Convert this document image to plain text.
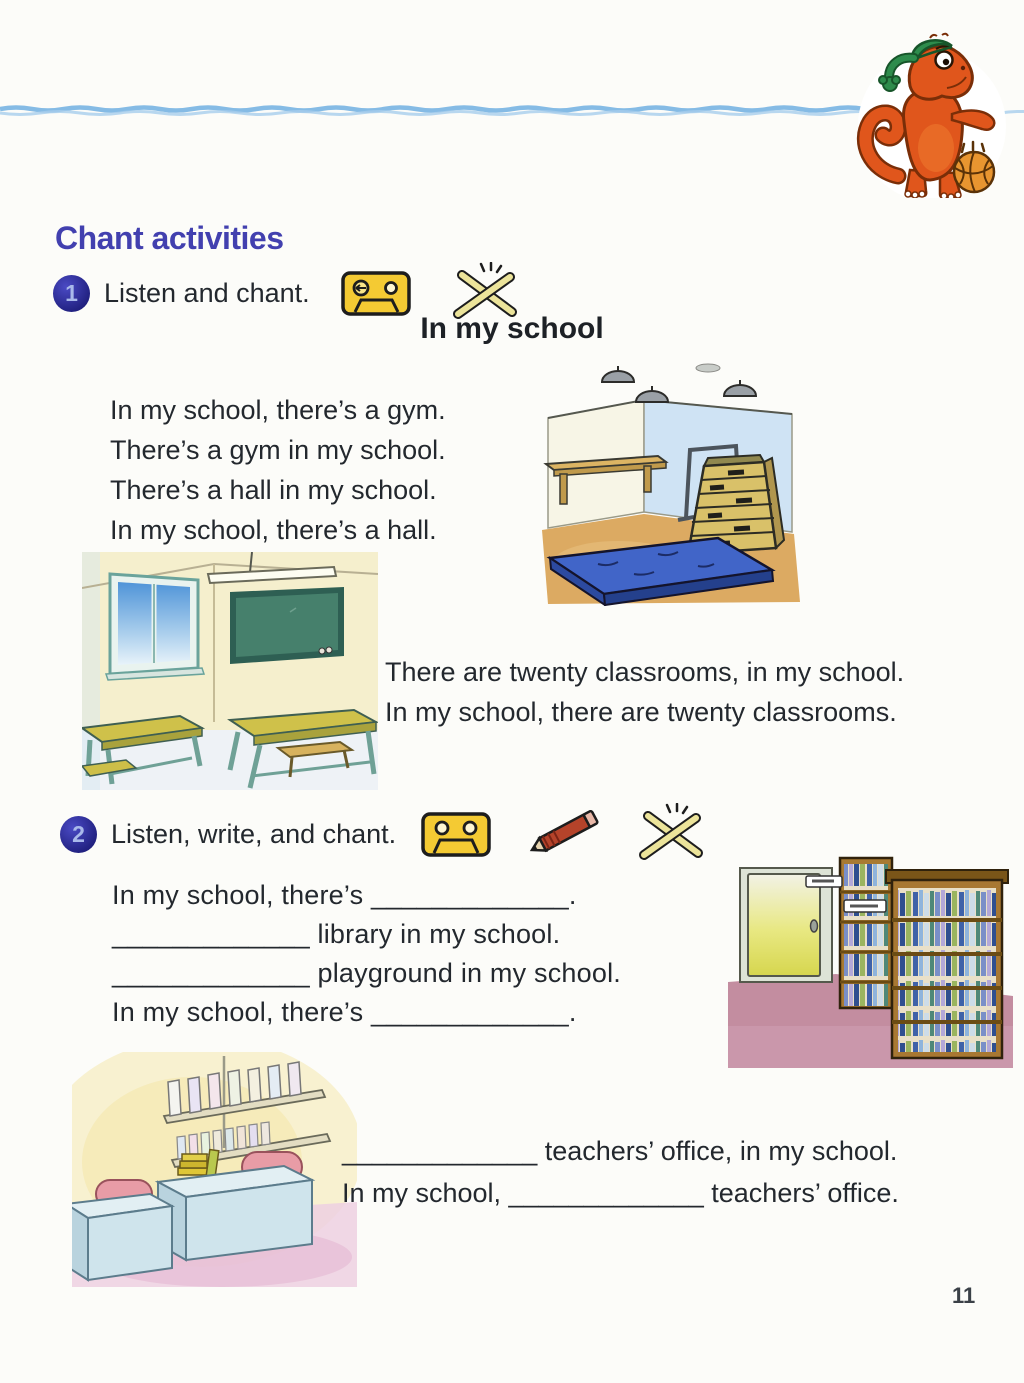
Chant activities
1 Listen and chant.
In my school
In my school, there’s a gym.
There’s a gym in my school.
There’s a hall in my school.
In my school, there’s a hall.
There are twenty classrooms, in my school.
In my school, there are twenty classrooms.
2 Listen, write, and chant.
In my school, there’s _____________.
_____________ library in my school.
_____________ playground in my school.
In my school, there’s _____________.
_____________ teachers’ office, in my school.
In my school, _____________ teachers’ office.
11
